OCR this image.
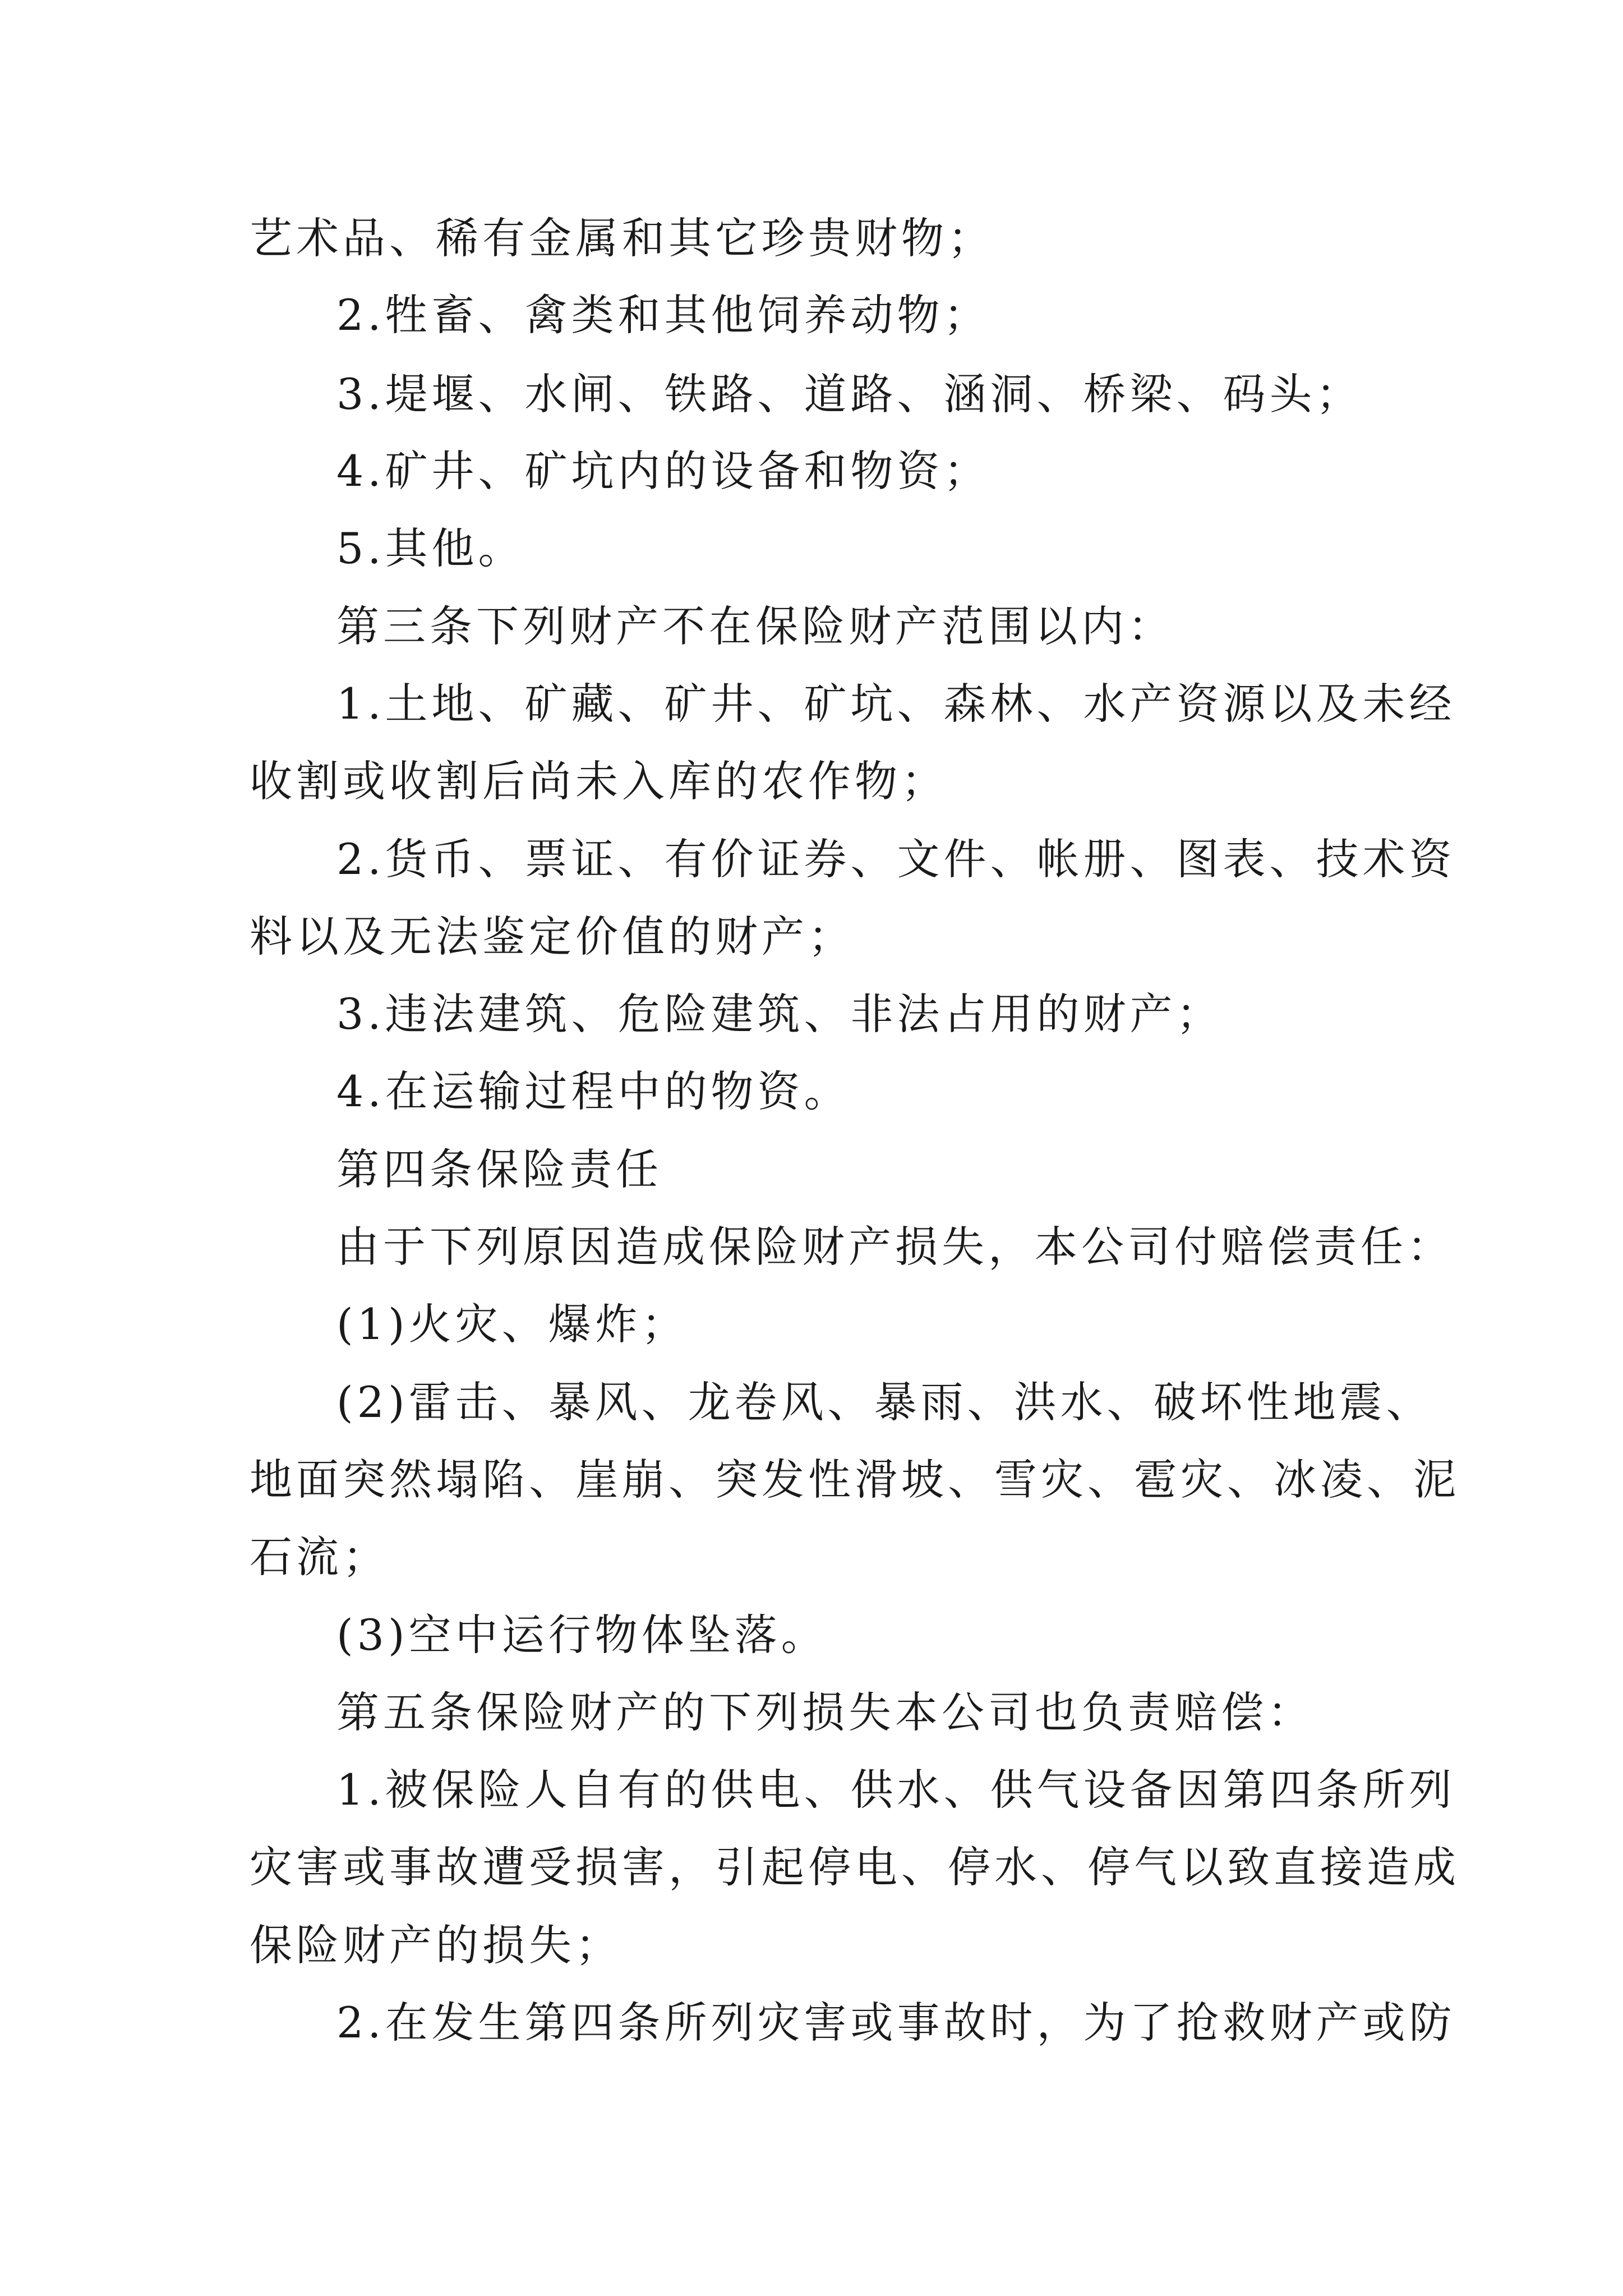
艺术品、稀有金属和其它珍贵财物；

2.牲畜、禽类和其他饲养动物；

3.堤堰、水闸、铁路、道路、涵洞、桥梁、码头；

4.矿井、矿坑内的设备和物资；

5.其他。

第三条下列财产不在保险财产范围以内：

1.土地、矿藏、矿井、矿坑、森林、水产资源以及未经

收割或收割后尚未入库的农作物；

2.货币、票证、有价证券、文件、帐册、图表、技术资

料以及无法鉴定价值的财产；

3.违法建筑、危险建筑、非法占用的财产；

4.在运输过程中的物资。

第四条保险责任

由于下列原因造成保险财产损失，本公司付赔偿责任：

(1)火灾、爆炸；

(2)雷击、暴风、龙卷风、暴雨、洪水、破坏性地震、

地面突然塌陷、崖崩、突发性滑坡、雪灾、雹灾、冰凌、泥

石流；

(3)空中运行物体坠落。

第五条保险财产的下列损失本公司也负责赔偿：

1.被保险人自有的供电、供水、供气设备因第四条所列

灾害或事故遭受损害，引起停电、停水、停气以致直接造成

保险财产的损失；

2.在发生第四条所列灾害或事故时，为了抢救财产或防
